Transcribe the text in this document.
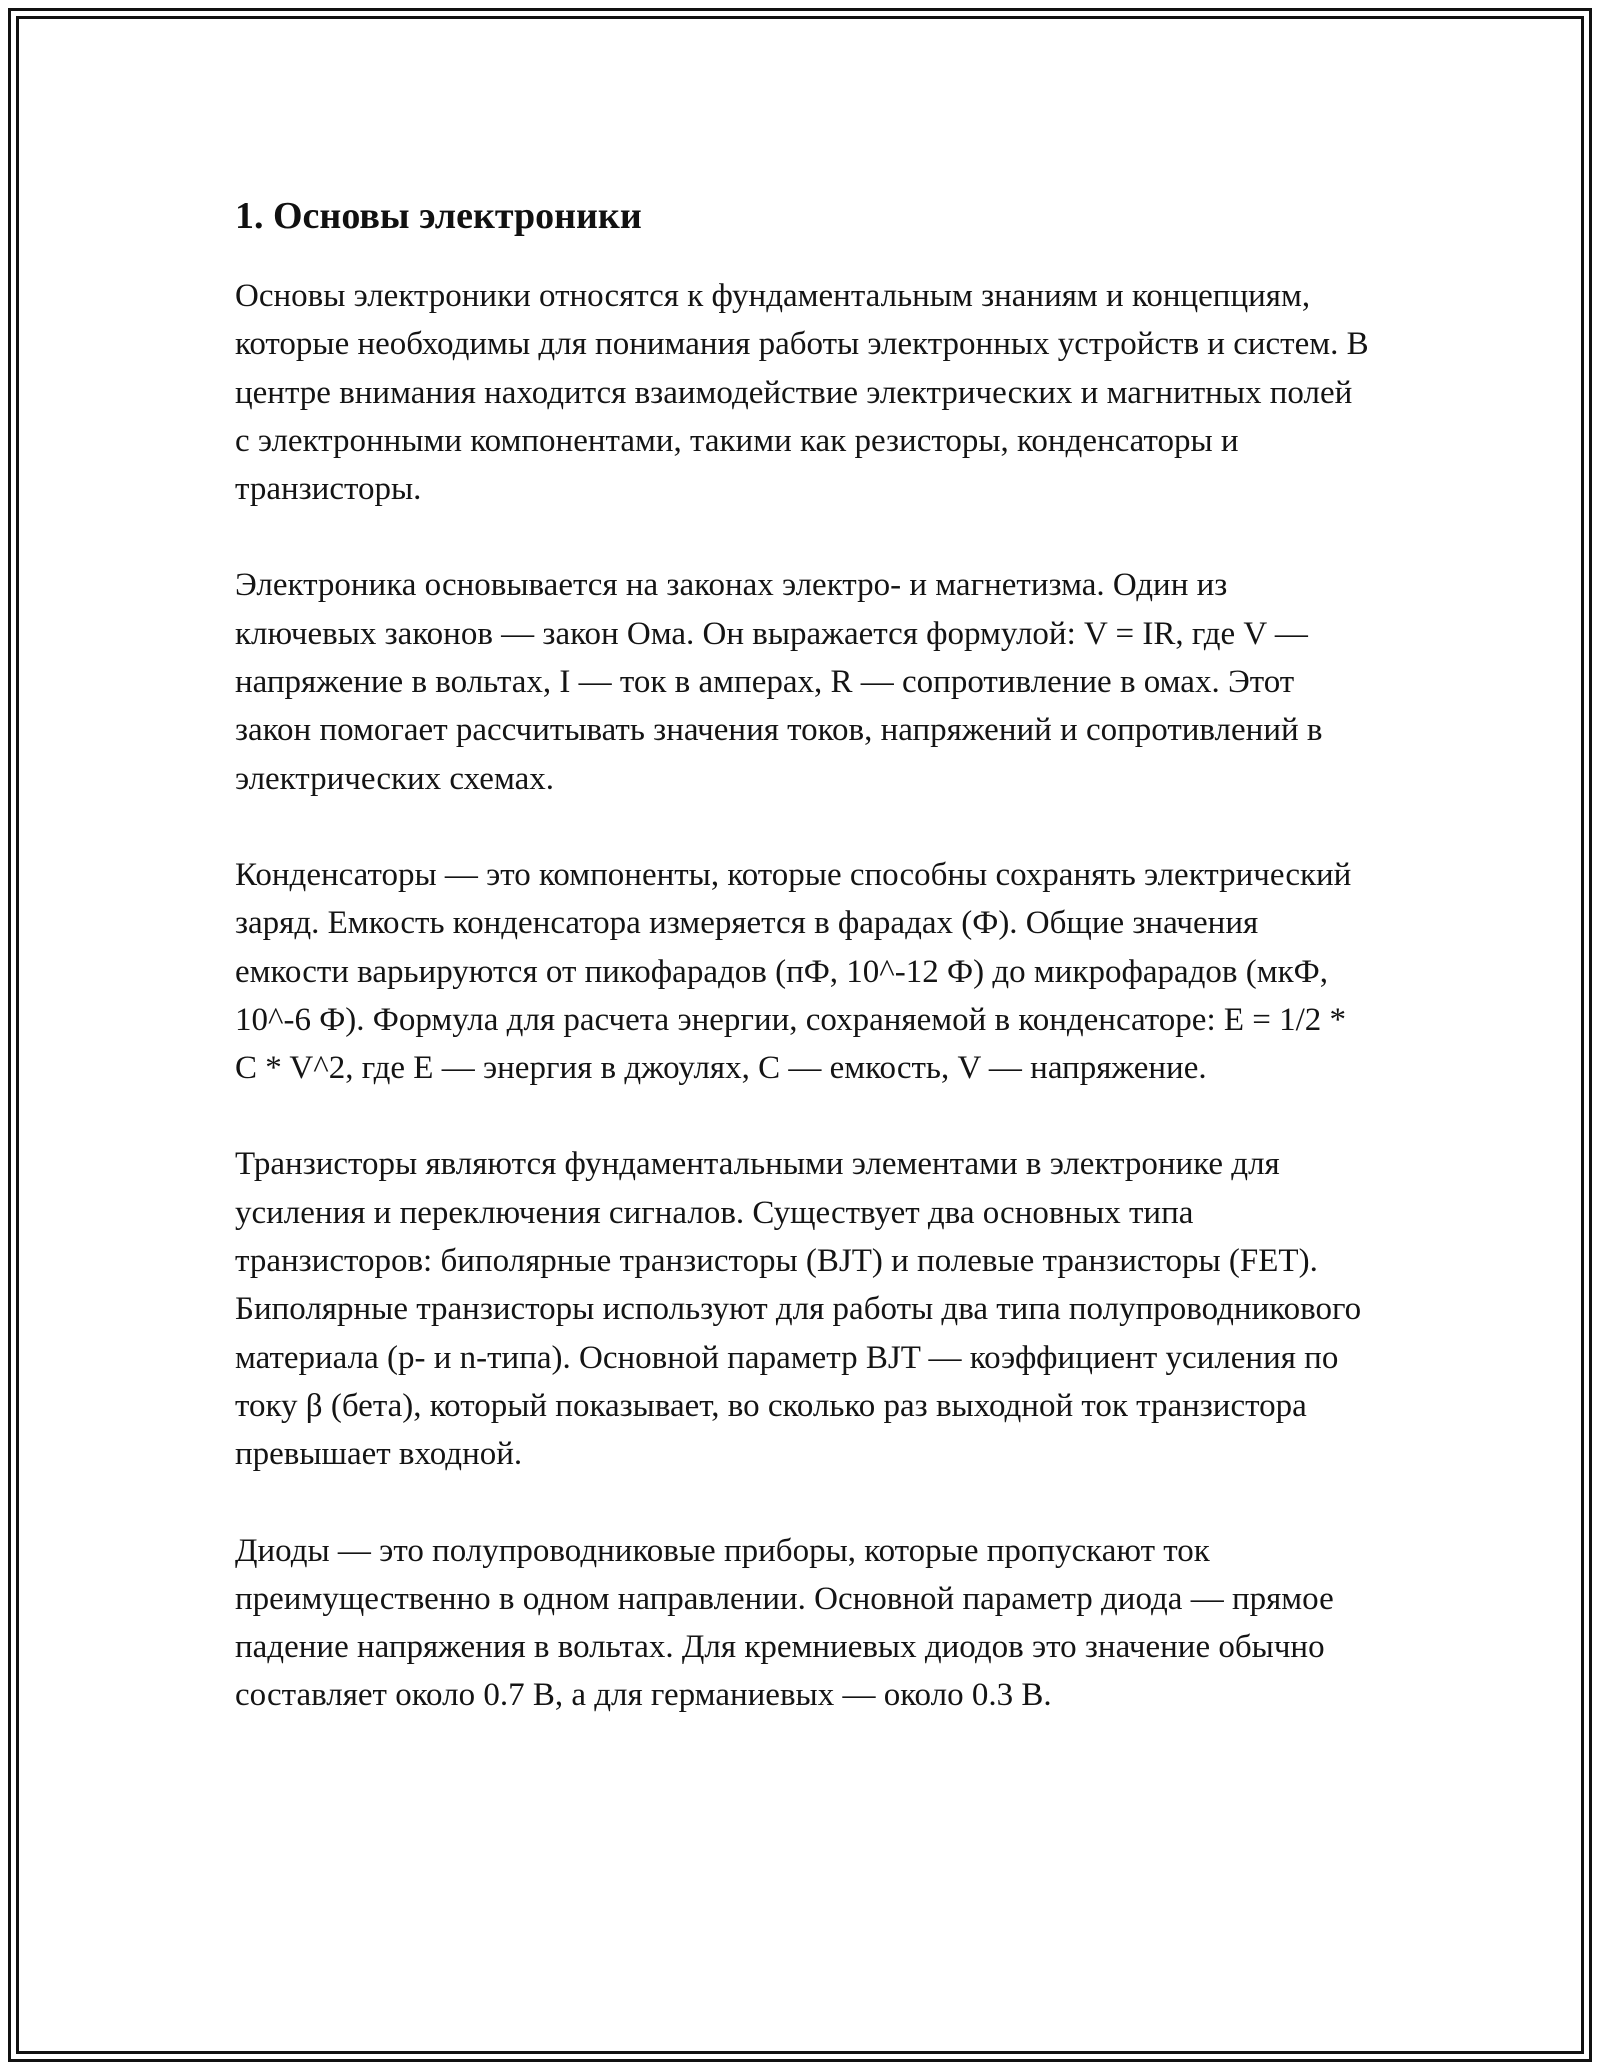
1. Основы электроники

Основы электроники относятся к фундаментальным знаниям и концепциям, которые необходимы для понимания работы электронных устройств и систем. В центре внимания находится взаимодействие электрических и магнитных полей с электронными компонентами, такими как резисторы, конденсаторы и транзисторы.

Электроника основывается на законах электро- и магнетизма. Один из ключевых законов — закон Ома. Он выражается формулой: V = IR, где V — напряжение в вольтах, I — ток в амперах, R — сопротивление в омах. Этот закон помогает рассчитывать значения токов, напряжений и сопротивлений в электрических схемах.

Конденсаторы — это компоненты, которые способны сохранять электрический заряд. Емкость конденсатора измеряется в фарадах (Ф). Общие значения емкости варьируются от пикофарадов (пФ, 10^-12 Ф) до микрофарадов (мкФ, 10^-6 Ф). Формула для расчета энергии, сохраняемой в конденсаторе: E = 1/2 * C * V^2, где E — энергия в джоулях, C — емкость, V — напряжение.

Транзисторы являются фундаментальными элементами в электронике для усиления и переключения сигналов. Существует два основных типа транзисторов: биполярные транзисторы (BJT) и полевые транзисторы (FET). Биполярные транзисторы используют для работы два типа полупроводникового материала (p- и n-типа). Основной параметр BJT — коэффициент усиления по току β (бета), который показывает, во сколько раз выходной ток транзистора превышает входной.

Диоды — это полупроводниковые приборы, которые пропускают ток преимущественно в одном направлении. Основной параметр диода — прямое падение напряжения в вольтах. Для кремниевых диодов это значение обычно составляет около 0.7 В, а для германиевых — около 0.3 В.
